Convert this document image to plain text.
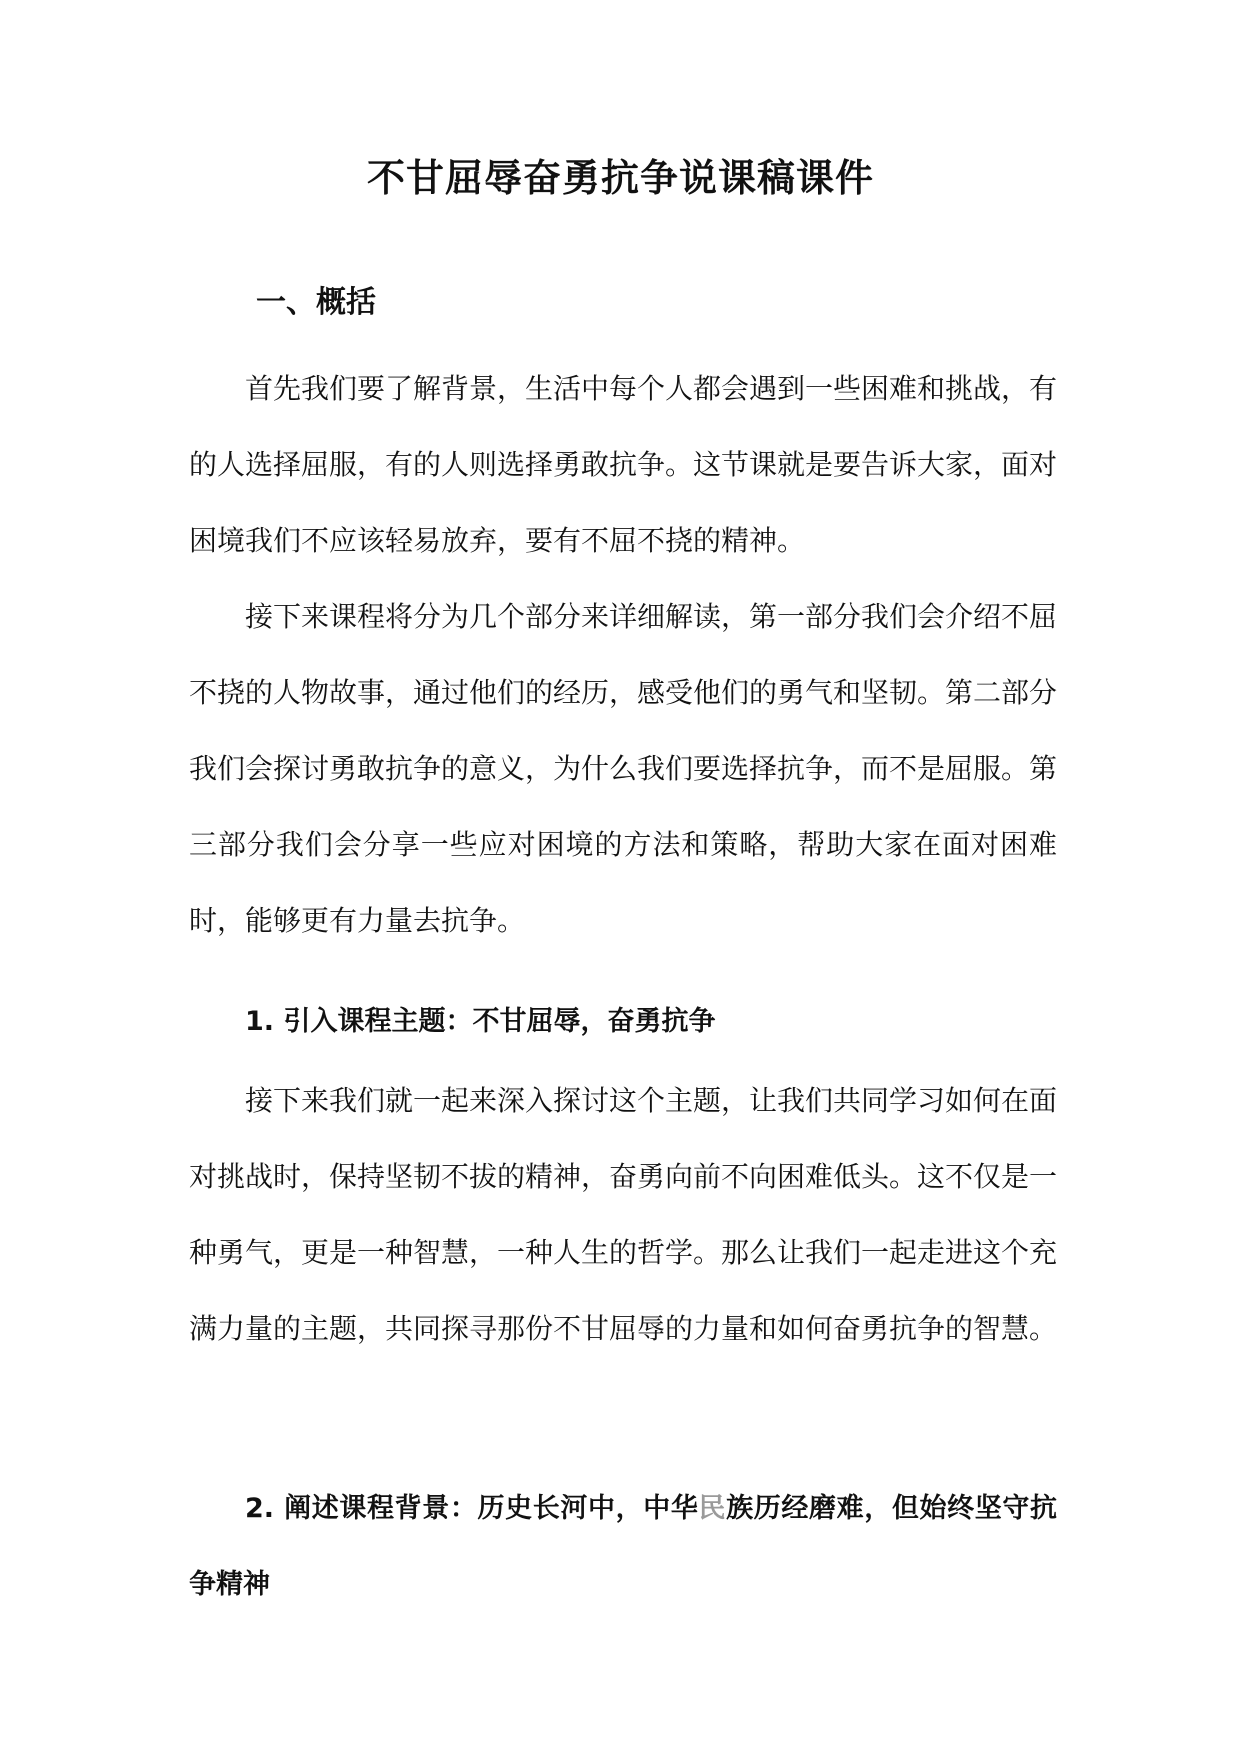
不甘屈辱奋勇抗争说课稿课件
一、概括

首先我们要了解背景，生活中每个人都会遇到一些困难和挑战，有的人选择屈服，有的人则选择勇敢抗争。这节课就是要告诉大家，面对困境我们不应该轻易放弃，要有不屈不挠的精神。

接下来课程将分为几个部分来详细解读，第一部分我们会介绍不屈不挠的人物故事，通过他们的经历，感受他们的勇气和坚韧。第二部分我们会探讨勇敢抗争的意义，为什么我们要选择抗争，而不是屈服。第三部分我们会分享一些应对困境的方法和策略，帮助大家在面对困难时，能够更有力量去抗争。

1. 引入课程主题：不甘屈辱，奋勇抗争

接下来我们就一起来深入探讨这个主题，让我们共同学习如何在面对挑战时，保持坚韧不拔的精神，奋勇向前不向困难低头。这不仅是一种勇气，更是一种智慧，一种人生的哲学。那么让我们一起走进这个充满力量的主题，共同探寻那份不甘屈辱的力量和如何奋勇抗争的智慧。

2. 阐述课程背景：历史长河中，中华民族历经磨难，但始终坚守抗争精神
